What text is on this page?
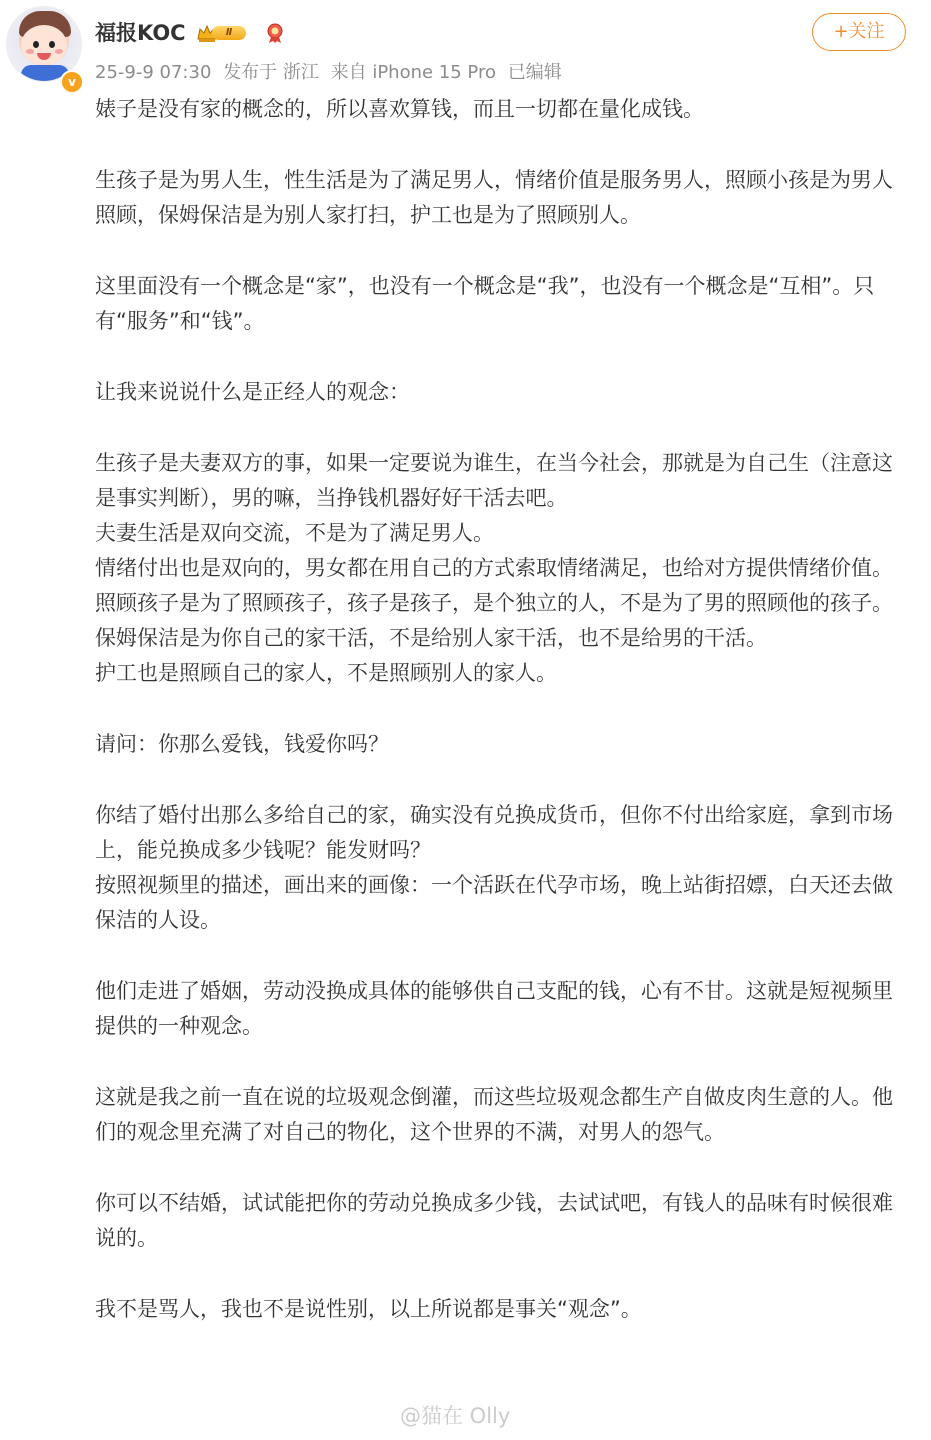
v
福报KOC	Ⅱ
25-9-9 07:30 发布于 浙江 来自 iPhone 15 Pro 已编辑
+关注

婊子是没有家的概念的，所以喜欢算钱，而且一切都在量化成钱。

生孩子是为男人生，性生活是为了满足男人，情绪价值是服务男人，照顾小孩是为男人照顾，保姆保洁是为别人家打扫，护工也是为了照顾别人。

这里面没有一个概念是“家”，也没有一个概念是“我”，也没有一个概念是“互相”。只有“服务”和“钱”。

让我来说说什么是正经人的观念：

生孩子是夫妻双方的事，如果一定要说为谁生，在当今社会，那就是为自己生（注意这是事实判断），男的嘛，当挣钱机器好好干活去吧。

夫妻生活是双向交流，不是为了满足男人。

情绪付出也是双向的，男女都在用自己的方式索取情绪满足，也给对方提供情绪价值。

照顾孩子是为了照顾孩子，孩子是孩子，是个独立的人，不是为了男的照顾他的孩子。

保姆保洁是为你自己的家干活，不是给别人家干活，也不是给男的干活。

护工也是照顾自己的家人，不是照顾别人的家人。

请问：你那么爱钱，钱爱你吗？

你结了婚付出那么多给自己的家，确实没有兑换成货币，但你不付出给家庭，拿到市场上，能兑换成多少钱呢？能发财吗？

按照视频里的描述，画出来的画像：一个活跃在代孕市场，晚上站街招嫖，白天还去做保洁的人设。

他们走进了婚姻，劳动没换成具体的能够供自己支配的钱，心有不甘。这就是短视频里提供的一种观念。

这就是我之前一直在说的垃圾观念倒灌，而这些垃圾观念都生产自做皮肉生意的人。他们的观念里充满了对自己的物化，这个世界的不满，对男人的怨气。

你可以不结婚，试试能把你的劳动兑换成多少钱，去试试吧，有钱人的品味有时候很难说的。

我不是骂人，我也不是说性别，以上所说都是事关“观念”。

@猫在 Olly
